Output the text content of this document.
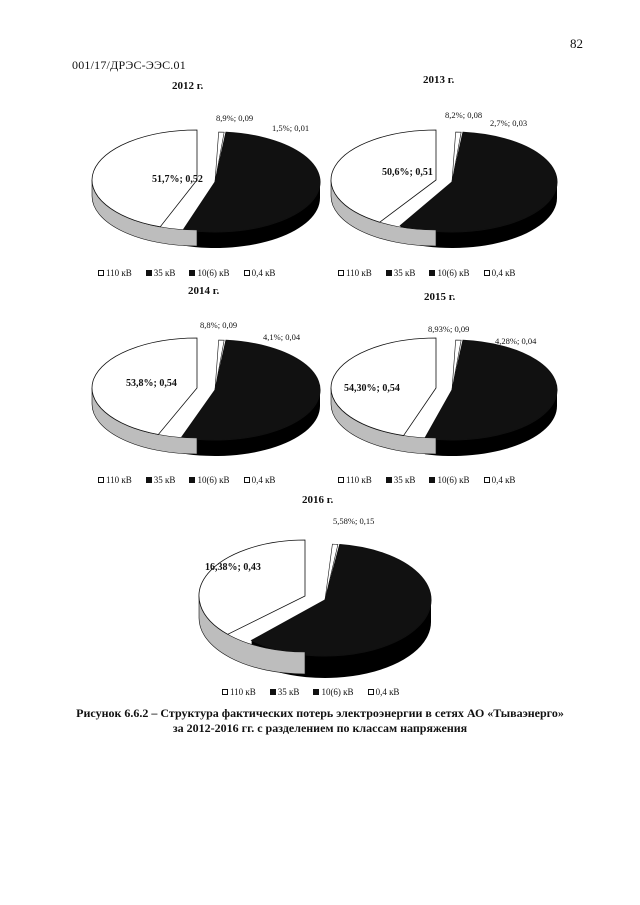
82
001/17/ДРЭС-ЭЭС.01
2012 г.	2013 г.
2014 г.	2015 г.
2016 г.
8,9%; 0,09
1,5%; 0,01
51,7%; 0,52
8,2%; 0,08
2,7%; 0,03
50,6%; 0,51
8,8%; 0,09
4,1%; 0,04
53,8%; 0,54
8,93%; 0,09
4,28%; 0,04
54,30%; 0,54
5,58%; 0,15
16,38%; 0,43
110 кВ 35 кВ 10(6) кВ 0,4 кВ	110 кВ 35 кВ 10(6) кВ 0,4 кВ
110 кВ 35 кВ 10(6) кВ 0,4 кВ	110 кВ 35 кВ 10(6) кВ 0,4 кВ
110 кВ 35 кВ 10(6) кВ 0,4 кВ
Рисунок 6.6.2 – Структура фактических потерь электроэнергии в сетях АО «Тываэнерго»
за 2012-2016 гг. с разделением по классам напряжения
